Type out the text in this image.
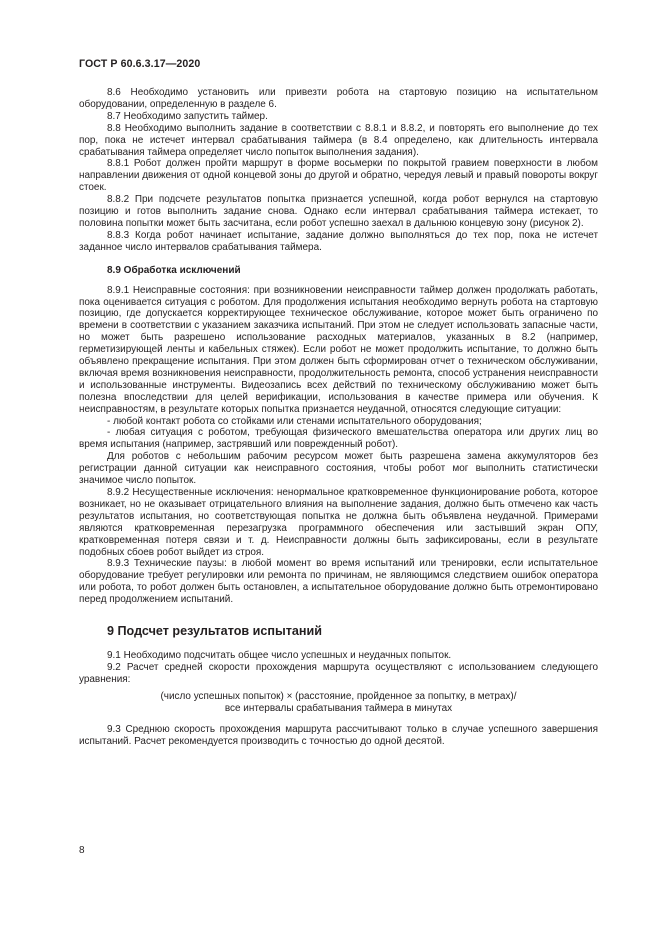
ГОСТ Р 60.6.3.17—2020

8.6 Необходимо установить или привезти робота на стартовую позицию на испытательном оборудовании, определенную в разделе 6.

8.7 Необходимо запустить таймер.

8.8 Необходимо выполнить задание в соответствии с 8.8.1 и 8.8.2, и повторять его выполнение до тех пор, пока не истечет интервал срабатывания таймера (в 8.4 определено, как длительность интервала срабатывания таймера определяет число попыток выполнения задания).

8.8.1 Робот должен пройти маршрут в форме восьмерки по покрытой гравием поверхности в любом направлении движения от одной концевой зоны до другой и обратно, чередуя левый и правый повороты вокруг стоек.

8.8.2 При подсчете результатов попытка признается успешной, когда робот вернулся на стартовую позицию и готов выполнить задание снова. Однако если интервал срабатывания таймера истекает, то половина попытки может быть засчитана, если робот успешно заехал в дальнюю концевую зону (рисунок 2).

8.8.3 Когда робот начинает испытание, задание должно выполняться до тех пор, пока не истечет заданное число интервалов срабатывания таймера.

8.9 Обработка исключений

8.9.1 Неисправные состояния: при возникновении неисправности таймер должен продолжать работать, пока оценивается ситуация с роботом. Для продолжения испытания необходимо вернуть робота на стартовую позицию, где допускается корректирующее техническое обслуживание, которое может быть ограничено по времени в соответствии с указанием заказчика испытаний. При этом не следует использовать запасные части, но может быть разрешено использование расходных материалов, указанных в 8.2 (например, герметизирующей ленты и кабельных стяжек). Если робот не может продолжить испытание, то должно быть объявлено прекращение испытания. При этом должен быть сформирован отчет о техническом обслуживании, включая время возникновения неисправности, продолжительность ремонта, способ устранения неисправности и использованные инструменты. Видеозапись всех действий по техническому обслуживанию может быть полезна впоследствии для целей верификации, использования в качестве примера или обучения. К неисправностям, в результате которых попытка признается неудачной, относятся следующие ситуации:

- любой контакт робота со стойками или стенами испытательного оборудования;

- любая ситуация с роботом, требующая физического вмешательства оператора или других лиц во время испытания (например, застрявший или поврежденный робот).

Для роботов с небольшим рабочим ресурсом может быть разрешена замена аккумуляторов без регистрации данной ситуации как неисправного состояния, чтобы робот мог выполнить статистически значимое число попыток.

8.9.2 Несущественные исключения: ненормальное кратковременное функционирование робота, которое возникает, но не оказывает отрицательного влияния на выполнение задания, должно быть отмечено как часть результатов испытания, но соответствующая попытка не должна быть объявлена неудачной. Примерами являются кратковременная перезагрузка программного обеспечения или застывший экран ОПУ, кратковременная потеря связи и т. д. Неисправности должны быть зафиксированы, если в результате подобных сбоев робот выйдет из строя.

8.9.3 Технические паузы: в любой момент во время испытаний или тренировки, если испытательное оборудование требует регулировки или ремонта по причинам, не являющимся следствием ошибок оператора или робота, то робот должен быть остановлен, а испытательное оборудование должно быть отремонтировано перед продолжением испытаний.

9 Подсчет результатов испытаний

9.1 Необходимо подсчитать общее число успешных и неудачных попыток.

9.2 Расчет средней скорости прохождения маршрута осуществляют с использованием следующего уравнения:

(число успешных попыток) × (расстояние, пройденное за попытку, в метрах)/
все интервалы срабатывания таймера в минутах

9.3 Среднюю скорость прохождения маршрута рассчитывают только в случае успешного завершения испытаний. Расчет рекомендуется производить с точностью до одной десятой.

8
